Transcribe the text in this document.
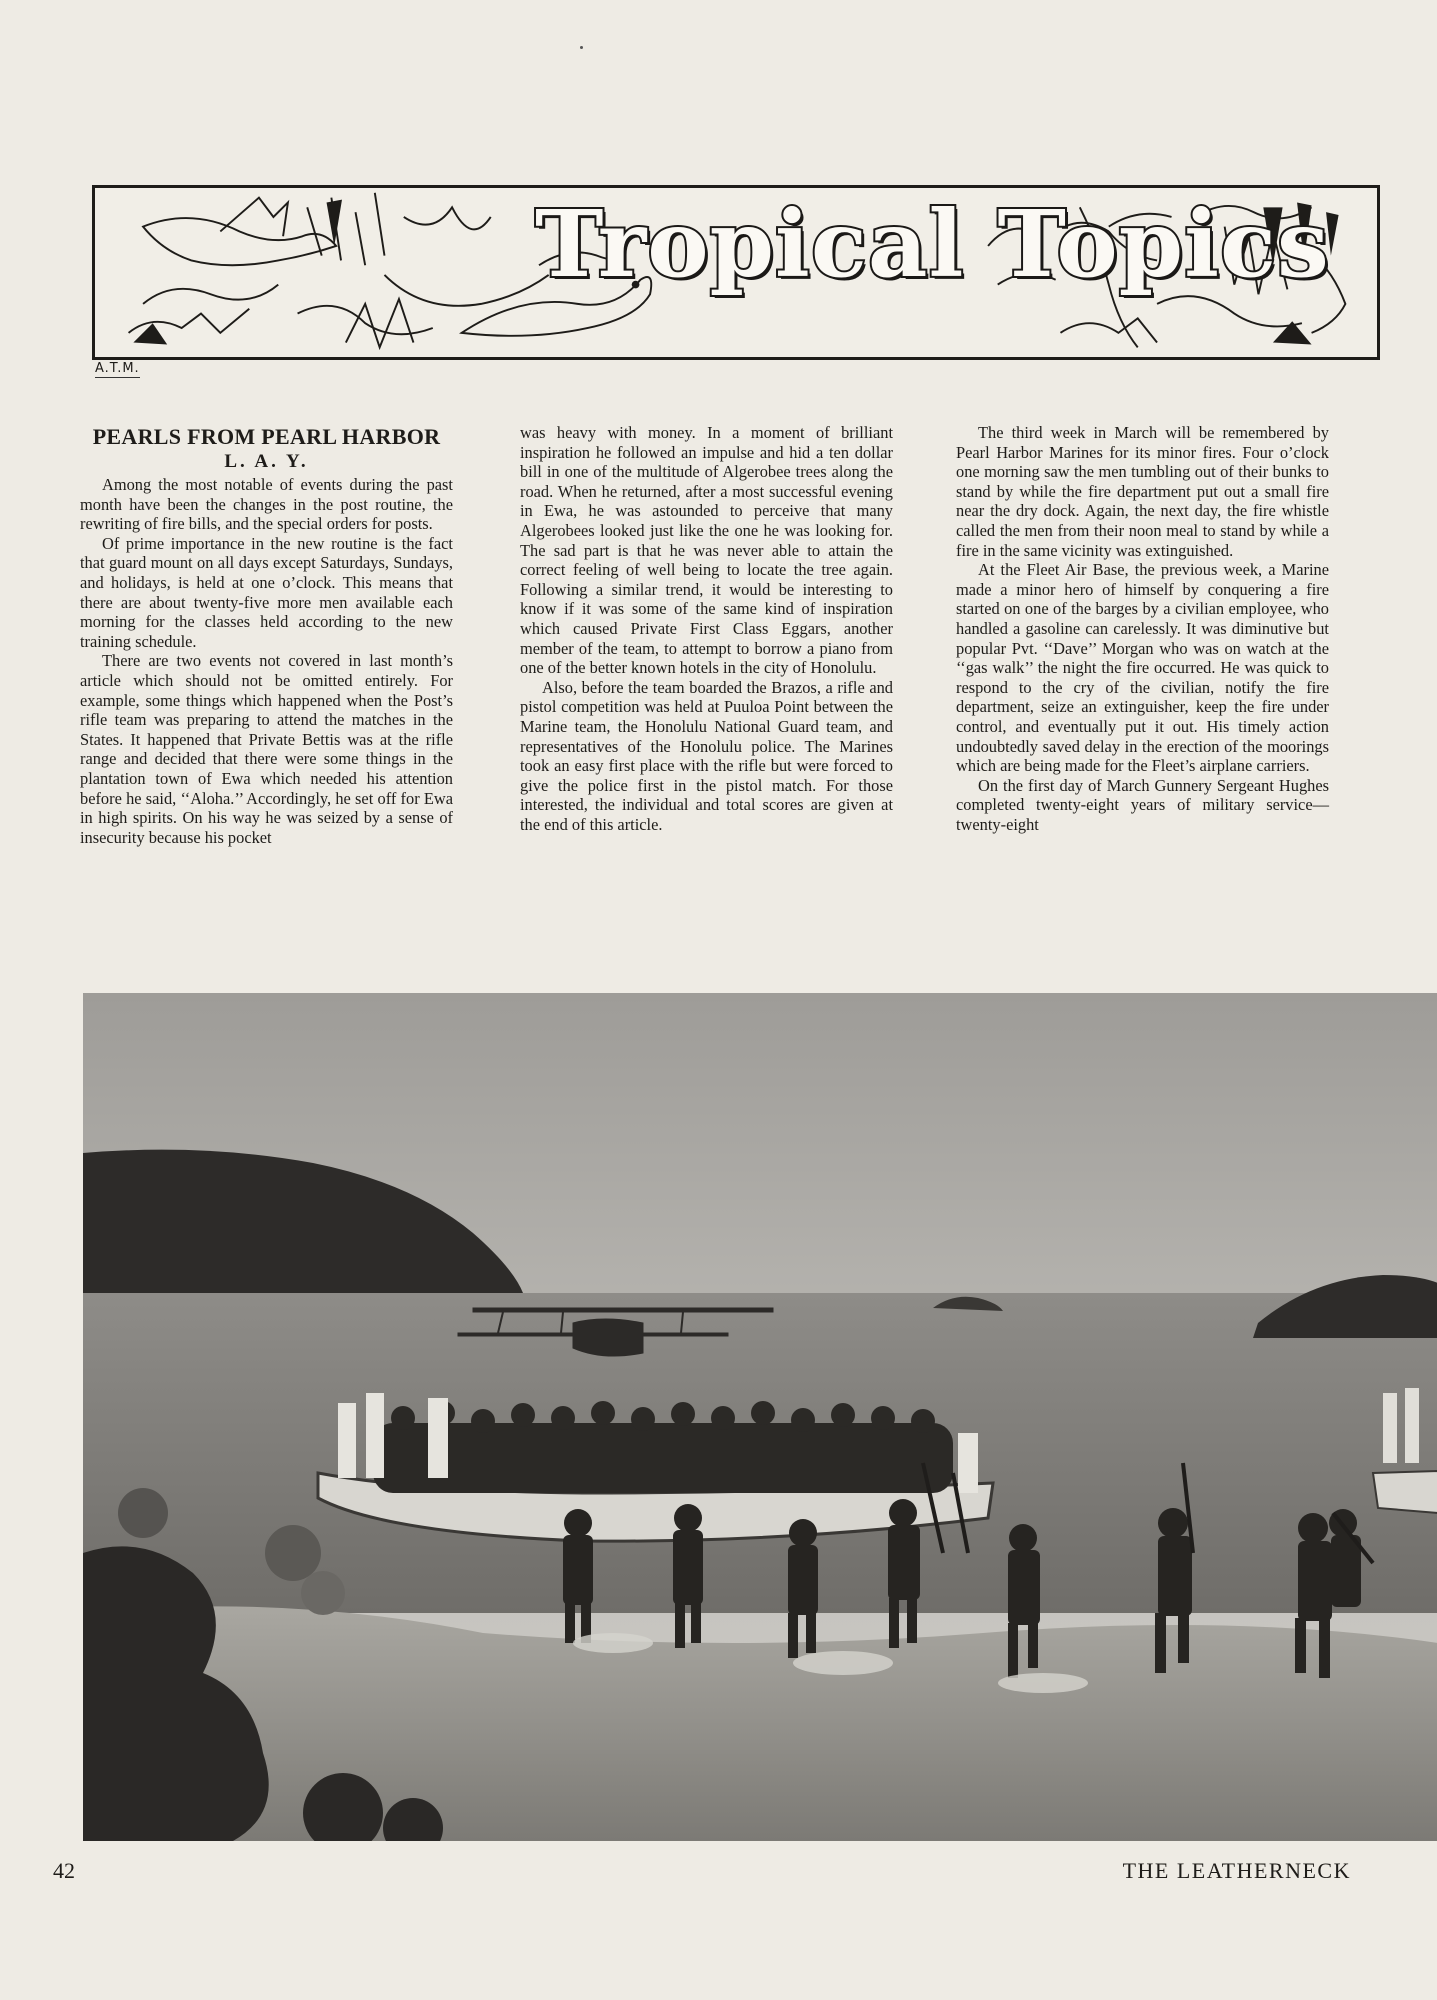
Tropical Topics
A.T.M.
PEARLS FROM PEARL HARBOR
L. A. Y.

Among the most notable of events during the past month have been the changes in the post routine, the rewriting of fire bills, and the special orders for posts.

Of prime importance in the new routine is the fact that guard mount on all days except Saturdays, Sundays, and holidays, is held at one o’clock. This means that there are about twenty-five more men available each morning for the classes held according to the new training schedule.

There are two events not covered in last month’s article which should not be omitted entirely. For example, some things which happened when the Post’s rifle team was preparing to attend the matches in the States. It happened that Private Bettis was at the rifle range and decided that there were some things in the plantation town of Ewa which needed his attention before he said, ‘‘Aloha.’’ Accordingly, he set off for Ewa in high spirits. On his way he was seized by a sense of insecurity because his pocket

was heavy with money. In a moment of brilliant inspiration he followed an impulse and hid a ten dollar bill in one of the multitude of Algerobee trees along the road. When he returned, after a most successful evening in Ewa, he was astounded to perceive that many Algerobees looked just like the one he was looking for. The sad part is that he was never able to attain the correct feeling of well being to locate the tree again. Following a similar trend, it would be interesting to know if it was some of the same kind of inspiration which caused Private First Class Eggars, another member of the team, to attempt to borrow a piano from one of the better known hotels in the city of Honolulu.

Also, before the team boarded the Brazos, a rifle and pistol competition was held at Puuloa Point between the Marine team, the Honolulu National Guard team, and representatives of the Honolulu police. The Marines took an easy first place with the rifle but were forced to give the police first in the pistol match. For those interested, the individual and total scores are given at the end of this article.

The third week in March will be remembered by Pearl Harbor Marines for its minor fires. Four o’clock one morning saw the men tumbling out of their bunks to stand by while the fire department put out a small fire near the dry dock. Again, the next day, the fire whistle called the men from their noon meal to stand by while a fire in the same vicinity was extinguished.

At the Fleet Air Base, the previous week, a Marine made a minor hero of himself by conquering a fire started on one of the barges by a civilian employee, who handled a gasoline can carelessly. It was diminutive but popular Pvt. ‘‘Dave’’ Morgan who was on watch at the ‘‘gas walk’’ the night the fire occurred. He was quick to respond to the cry of the civilian, notify the fire department, seize an extinguisher, keep the fire under control, and eventually put it out. His timely action undoubtedly saved delay in the erection of the moorings which are being made for the Fleet’s airplane carriers.

On the first day of March Gunnery Sergeant Hughes completed twenty-eight years of military service—twenty-eight

42	THE LEATHERNECK
